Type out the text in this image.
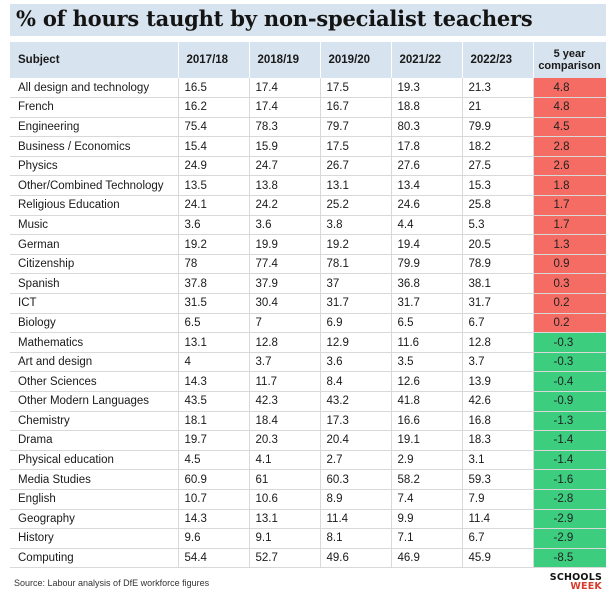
% of hours taught by non-specialist teachers
Subject	2017/18	2018/19	2019/20	2021/22	2022/23	5 year comparison
All design and technology	16.5	17.4	17.5	19.3	21.3	4.8
French	16.2	17.4	16.7	18.8	21	4.8
Engineering	75.4	78.3	79.7	80.3	79.9	4.5
Business / Economics	15.4	15.9	17.5	17.8	18.2	2.8
Physics	24.9	24.7	26.7	27.6	27.5	2.6
Other/Combined Technology	13.5	13.8	13.1	13.4	15.3	1.8
Religious Education	24.1	24.2	25.2	24.6	25.8	1.7
Music	3.6	3.6	3.8	4.4	5.3	1.7
German	19.2	19.9	19.2	19.4	20.5	1.3
Citizenship	78	77.4	78.1	79.9	78.9	0.9
Spanish	37.8	37.9	37	36.8	38.1	0.3
ICT	31.5	30.4	31.7	31.7	31.7	0.2
Biology	6.5	7	6.9	6.5	6.7	0.2
Mathematics	13.1	12.8	12.9	11.6	12.8	-0.3
Art and design	4	3.7	3.6	3.5	3.7	-0.3
Other Sciences	14.3	11.7	8.4	12.6	13.9	-0.4
Other Modern Languages	43.5	42.3	43.2	41.8	42.6	-0.9
Chemistry	18.1	18.4	17.3	16.6	16.8	-1.3
Drama	19.7	20.3	20.4	19.1	18.3	-1.4
Physical education	4.5	4.1	2.7	2.9	3.1	-1.4
Media Studies	60.9	61	60.3	58.2	59.3	-1.6
English	10.7	10.6	8.9	7.4	7.9	-2.8
Geography	14.3	13.1	11.4	9.9	11.4	-2.9
History	9.6	9.1	8.1	7.1	6.7	-2.9
Computing	54.4	52.7	49.6	46.9	45.9	-8.5
Source: Labour analysis of DfE workforce figures	SCHOOLS
WEEK
